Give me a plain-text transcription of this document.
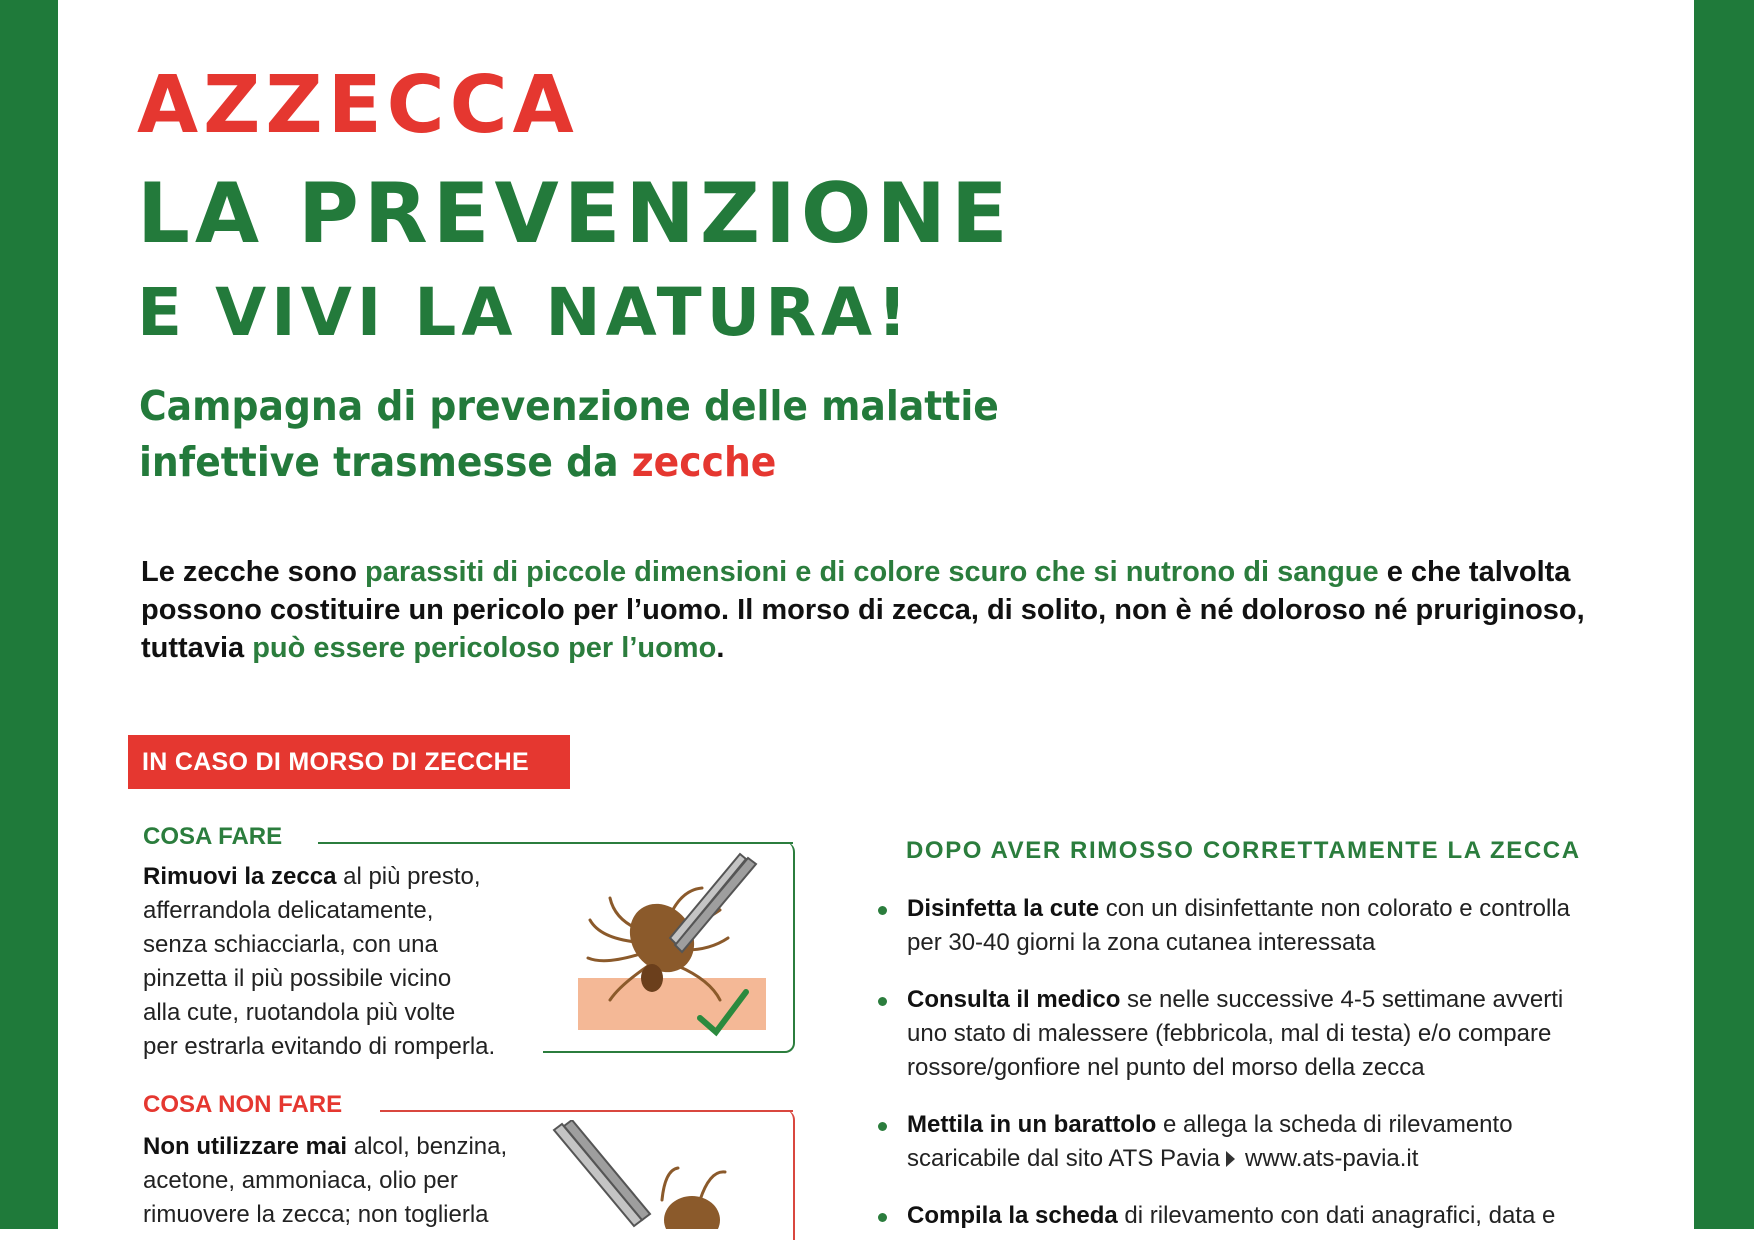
AZZECCA
LA PREVENZIONE
E VIVI LA NATURA!

Campagna di prevenzione delle malattie
infettive trasmesse da zecche

Le zecche sono parassiti di piccole dimensioni e di colore scuro che si nutrono di sangue e che talvolta possono costituire un pericolo per l’uomo. Il morso di zecca, di solito, non è né doloroso né pruriginoso, tuttavia può essere pericoloso per l’uomo.

IN CASO DI MORSO DI ZECCHE
COSA FARE
Rimuovi la zecca al più presto,
afferrandola delicatamente,
senza schiacciarla, con una
pinzetta il più possibile vicino
alla cute, ruotandola più volte
per estrarla evitando di romperla.
COSA NON FARE
Non utilizzare mai alcol, benzina,
acetone, ammoniaca, olio per
rimuovere la zecca; non toglierla
DOPO AVER RIMOSSO CORRETTAMENTE LA ZECCA
Disinfetta la cute con un disinfettante non colorato e controlla
per 30-40 giorni la zona cutanea interessata
Consulta il medico se nelle successive 4-5 settimane avverti
uno stato di malessere (febbricola, mal di testa) e/o compare
rossore/gonfiore nel punto del morso della zecca
Mettila in un barattolo e allega la scheda di rilevamento
scaricabile dal sito ATS Pavia www.ats-pavia.it
Compila la scheda di rilevamento con dati anagrafici, data e
